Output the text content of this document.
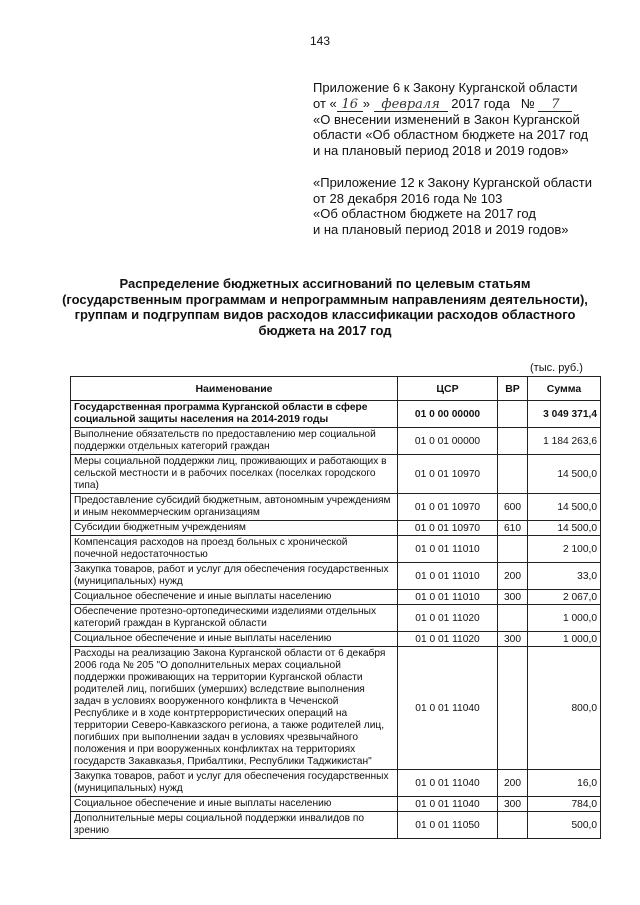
143
Приложение 6 к Закону Курганской области
от « 16 » февраля 2017 года № 7
«О внесении изменений в Закон Курганской
области «Об областном бюджете на 2017 год
и на плановый период 2018 и 2019 годов»
«Приложение 12 к Закону Курганской области
от 28 декабря 2016 года № 103
«Об областном бюджете на 2017 год
и на плановый период 2018 и 2019 годов»
Распределение бюджетных ассигнований по целевым статьям (государственным программам и непрограммным направлениям деятельности), группам и подгруппам видов расходов классификации расходов областного бюджета на 2017 год
(тыс. руб.)
Наименование	ЦСР	ВР	Сумма
Государственная программа Курганской области в сфере социальной защиты населения на 2014-2019 годы	01 0 00 00000		3 049 371,4
Выполнение обязательств по предоставлению мер социальной поддержки отдельных категорий граждан	01 0 01 00000		1 184 263,6
Меры социальной поддержки лиц, проживающих и работающих в сельской местности и в рабочих поселках (поселках городского типа)	01 0 01 10970		14 500,0
Предоставление субсидий бюджетным, автономным учреждениям и иным некоммерческим организациям	01 0 01 10970	600	14 500,0
Субсидии бюджетным учреждениям	01 0 01 10970	610	14 500,0
Компенсация расходов на проезд больных с хронической почечной недостаточностью	01 0 01 11010		2 100,0
Закупка товаров, работ и услуг для обеспечения государственных (муниципальных) нужд	01 0 01 11010	200	33,0
Социальное обеспечение и иные выплаты населению	01 0 01 11010	300	2 067,0
Обеспечение протезно-ортопедическими изделиями отдельных категорий граждан в Курганской области	01 0 01 11020		1 000,0
Социальное обеспечение и иные выплаты населению	01 0 01 11020	300	1 000,0
Расходы на реализацию Закона Курганской области от 6 декабря 2006 года № 205 "О дополнительных мерах социальной поддержки проживающих на территории Курганской области родителей лиц, погибших (умерших) вследствие выполнения задач в условиях вооруженного конфликта в Чеченской Республике и в ходе контртеррористических операций на территории Северо-Кавказского региона, а также родителей лиц, погибших при выполнении задач в условиях чрезвычайного положения и при вооруженных конфликтах на территориях государств Закавказья, Прибалтики, Республики Таджикистан"	01 0 01 11040		800,0
Закупка товаров, работ и услуг для обеспечения государственных (муниципальных) нужд	01 0 01 11040	200	16,0
Социальное обеспечение и иные выплаты населению	01 0 01 11040	300	784,0
Дополнительные меры социальной поддержки инвалидов по зрению	01 0 01 11050		500,0
